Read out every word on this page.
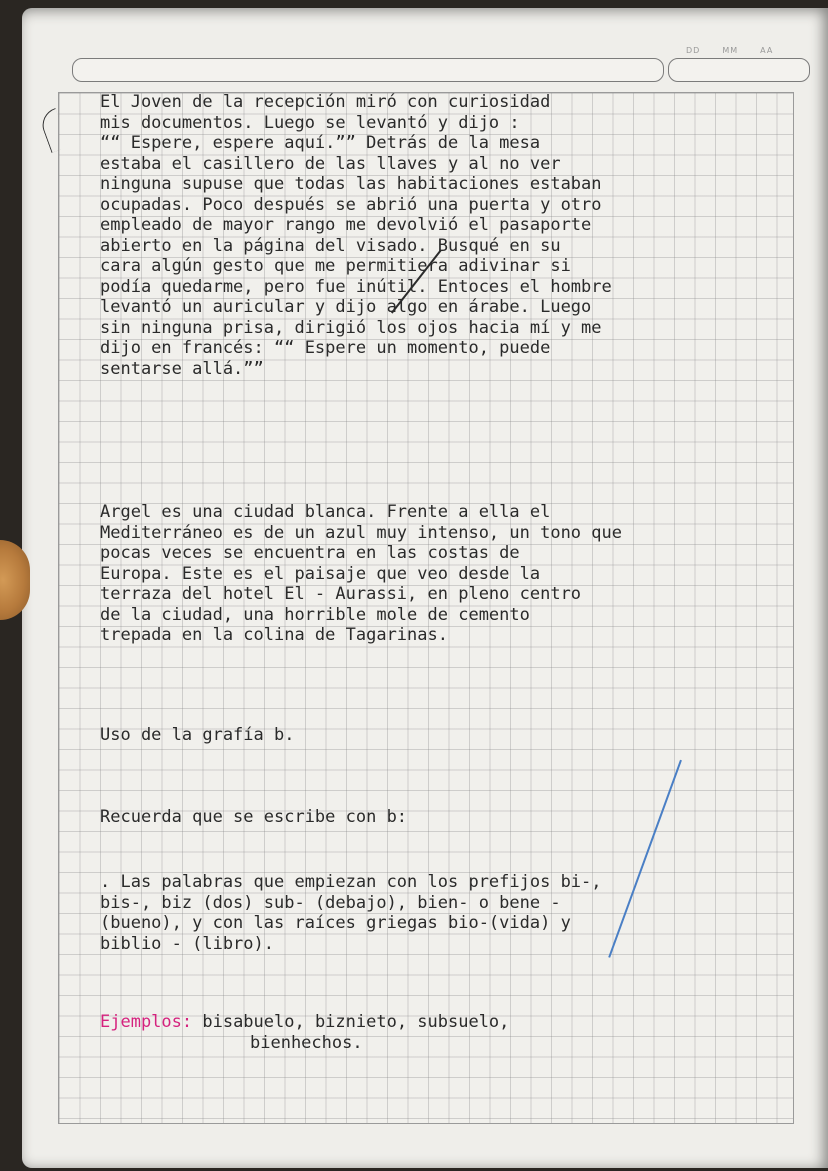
DD	MM	AA

El Joven de la recepción miró con curiosidad

mis documentos. Luego se levantó y dijo :

““ Espere, espere aquí.”” Detrás de la mesa

estaba el casillero de las llaves y al no ver

ninguna supuse que todas las habitaciones estaban

ocupadas. Poco después se abrió una puerta y otro

empleado de mayor rango me devolvió el pasaporte

abierto en la página del visado. Busqué en su

cara algún gesto que me permitiera adivinar si

podía quedarme, pero fue inútil. Entoces el hombre

levantó un auricular y dijo algo en árabe. Luego

sin ninguna prisa, dirigió los ojos hacia mí y me

dijo en francés: ““ Espere un momento, puede

sentarse allá.””

Argel es una ciudad blanca. Frente a ella el

Mediterráneo es de un azul muy intenso, un tono que

pocas veces se encuentra en las costas de

Europa. Este es el paisaje que veo desde la

terraza del hotel El - Aurassi, en pleno centro

de la ciudad, una horrible mole de cemento

trepada en la colina de Tagarinas.

Uso de la grafía b.

Recuerda que se escribe con b:

. Las palabras que empiezan con los prefijos bi-,

bis-, biz (dos) sub- (debajo), bien- o bene -

(bueno), y con las raíces griegas bio-(vida) y

biblio - (libro).

Ejemplos: bisabuelo, biznieto, subsuelo,

bienhechos.
